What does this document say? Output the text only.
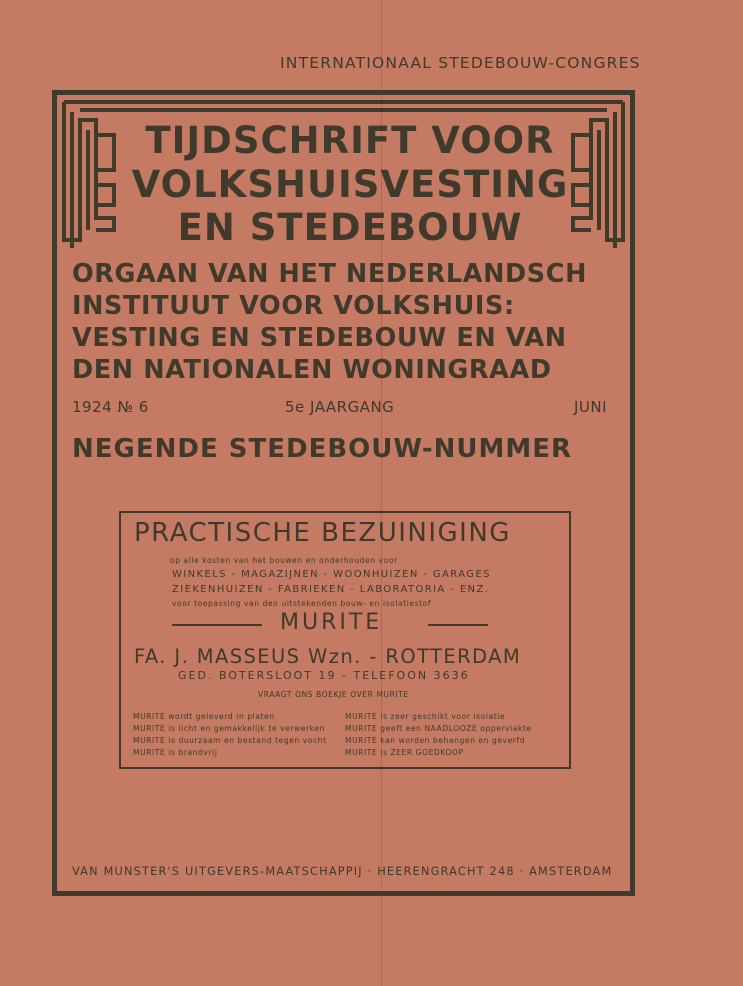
INTERNATIONAAL STEDEBOUW-CONGRES
TIJDSCHRIFT VOOR
VOLKSHUISVESTING
EN STEDEBOUW
ORGAAN VAN HET NEDERLANDSCH
INSTITUUT VOOR VOLKSHUIS:
VESTING EN STEDEBOUW EN VAN
DEN NATIONALEN WONINGRAAD
1924 № 6	5e JAARGANG	JUNI
NEGENDE STEDEBOUW-NUMMER
PRACTISCHE BEZUINIGING
op alle kosten van het bouwen en onderhouden voor
WINKELS - MAGAZIJNEN - WOONHUIZEN - GARAGES
ZIEKENHUIZEN - FABRIEKEN - LABORATORIA - ENZ.
voor toepassing van den uitstekenden bouw- en isolatiestof
MURITE
FA. J. MASSEUS Wzn. - ROTTERDAM
GED. BOTERSLOOT 19 - TELEFOON 3636
VRAAGT ONS BOEKJE OVER MURITE
MURITE wordt geleverd in platen
MURITE is licht en gemakkelijk te verwerken
MURITE is duurzaam en bestand tegen vocht
MURITE is brandvrij
MURITE is zeer geschikt voor isolatie
MURITE geeft een NAADLOOZE oppervlakte
MURITE kan worden behangen en geverfd
MURITE is ZEER GOEDKOOP
VAN MUNSTER'S UITGEVERS-MAATSCHAPPIJ · HEERENGRACHT 248 · AMSTERDAM
